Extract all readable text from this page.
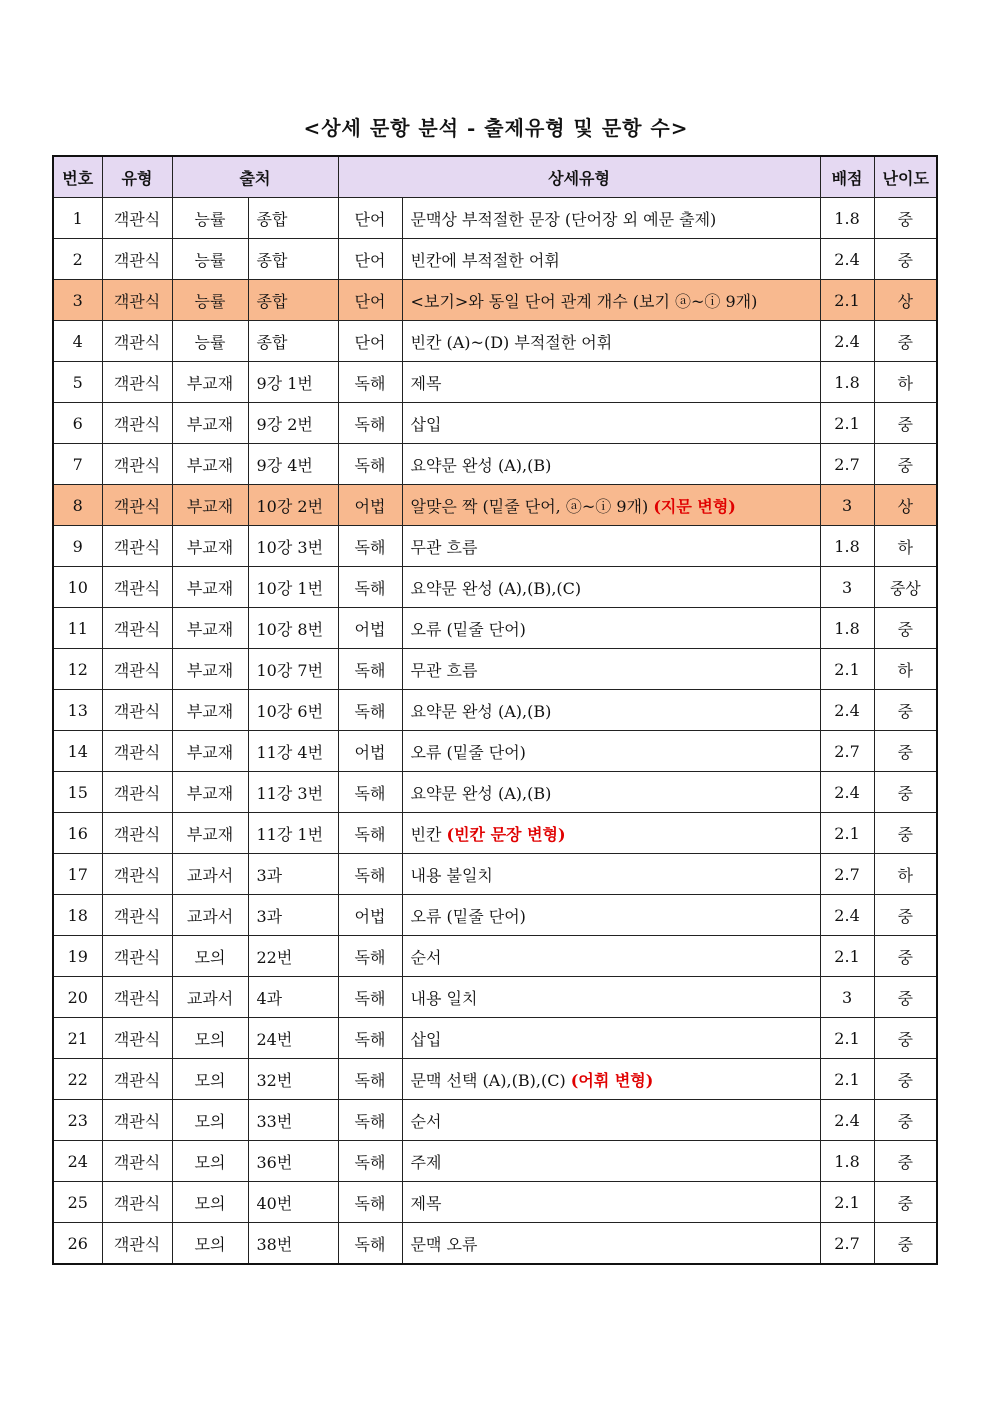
<상세 문항 분석 - 출제유형 및 문항 수>
번호	유형	출처		상세유형		배점	난이도
1	객관식	능률	종합	단어	문맥상 부적절한 문장 (단어장 외 예문 출제)	1.8	중
2	객관식	능률	종합	단어	빈칸에 부적절한 어휘	2.4	중
3	객관식	능률	종합	단어	<보기>와 동일 단어 관계 개수 (보기 ⓐ~ⓘ 9개)	2.1	상
4	객관식	능률	종합	단어	빈칸 (A)~(D) 부적절한 어휘	2.4	중
5	객관식	부교재	9강 1번	독해	제목	1.8	하
6	객관식	부교재	9강 2번	독해	삽입	2.1	중
7	객관식	부교재	9강 4번	독해	요약문 완성 (A),(B)	2.7	중
8	객관식	부교재	10강 2번	어법	알맞은 짝 (밑줄 단어, ⓐ~ⓘ 9개) (지문 변형)	3	상
9	객관식	부교재	10강 3번	독해	무관 흐름	1.8	하
10	객관식	부교재	10강 1번	독해	요약문 완성 (A),(B),(C)	3	중상
11	객관식	부교재	10강 8번	어법	오류 (밑줄 단어)	1.8	중
12	객관식	부교재	10강 7번	독해	무관 흐름	2.1	하
13	객관식	부교재	10강 6번	독해	요약문 완성 (A),(B)	2.4	중
14	객관식	부교재	11강 4번	어법	오류 (밑줄 단어)	2.7	중
15	객관식	부교재	11강 3번	독해	요약문 완성 (A),(B)	2.4	중
16	객관식	부교재	11강 1번	독해	빈칸 (빈칸 문장 변형)	2.1	중
17	객관식	교과서	3과	독해	내용 불일치	2.7	하
18	객관식	교과서	3과	어법	오류 (밑줄 단어)	2.4	중
19	객관식	모의	22번	독해	순서	2.1	중
20	객관식	교과서	4과	독해	내용 일치	3	중
21	객관식	모의	24번	독해	삽입	2.1	중
22	객관식	모의	32번	독해	문맥 선택 (A),(B),(C) (어휘 변형)	2.1	중
23	객관식	모의	33번	독해	순서	2.4	중
24	객관식	모의	36번	독해	주제	1.8	중
25	객관식	모의	40번	독해	제목	2.1	중
26	객관식	모의	38번	독해	문맥 오류	2.7	중
